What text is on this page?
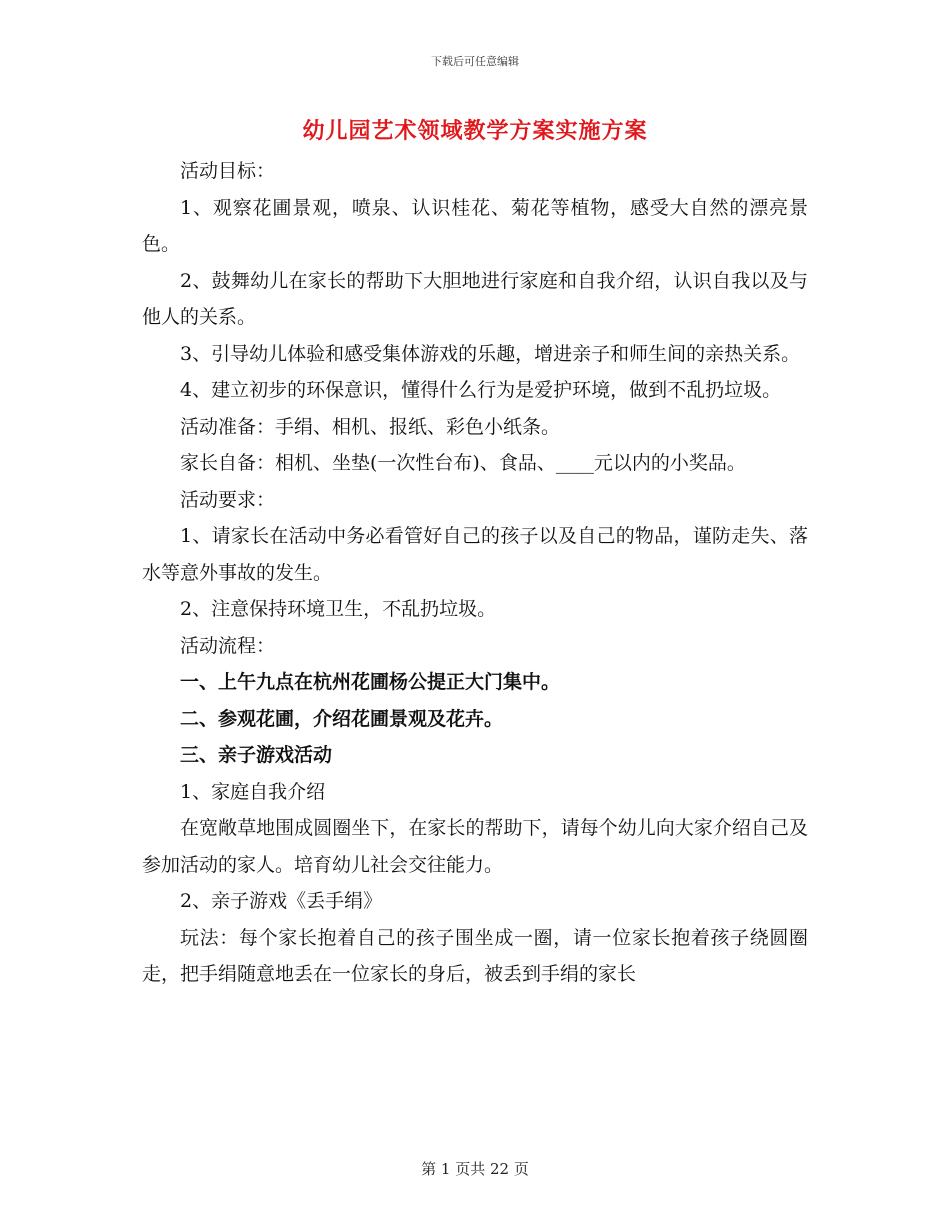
下载后可任意编辑
幼儿园艺术领域教学方案实施方案

活动目标：

1、观察花圃景观，喷泉、认识桂花、菊花等植物，感受大自然的漂亮景色。

2、鼓舞幼儿在家长的帮助下大胆地进行家庭和自我介绍，认识自我以及与他人的关系。

3、引导幼儿体验和感受集体游戏的乐趣，增进亲子和师生间的亲热关系。

4、建立初步的环保意识，懂得什么行为是爱护环境，做到不乱扔垃圾。

活动准备：手绢、相机、报纸、彩色小纸条。

家长自备：相机、坐垫(一次性台布)、食品、____元以内的小奖品。

活动要求：

1、请家长在活动中务必看管好自己的孩子以及自己的物品，谨防走失、落水等意外事故的发生。

2、注意保持环境卫生，不乱扔垃圾。

活动流程：

一、上午九点在杭州花圃杨公提正大门集中。

二、参观花圃，介绍花圃景观及花卉。

三、亲子游戏活动

1、家庭自我介绍

在宽敞草地围成圆圈坐下，在家长的帮助下，请每个幼儿向大家介绍自己及参加活动的家人。培育幼儿社会交往能力。

2、亲子游戏《丢手绢》

玩法：每个家长抱着自己的孩子围坐成一圈，请一位家长抱着孩子绕圆圈走，把手绢随意地丢在一位家长的身后，被丢到手绢的家长

第 1 页共 22 页
